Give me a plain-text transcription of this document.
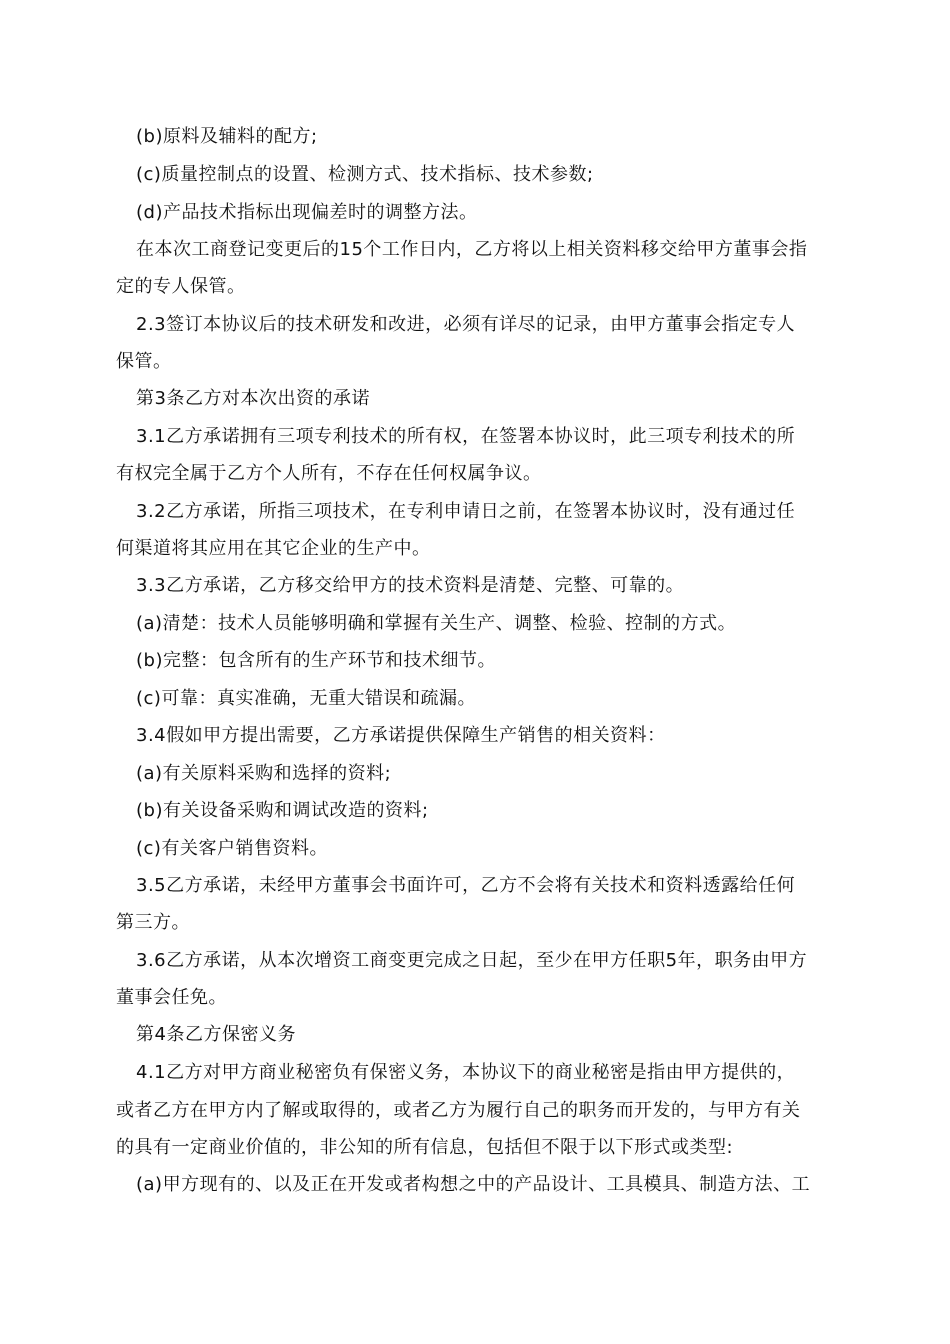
(b)原料及辅料的配方;
(c)质量控制点的设置、检测方式、技术指标、技术参数;
(d)产品技术指标出现偏差时的调整方法。
在本次工商登记变更后的15个工作日内，乙方将以上相关资料移交给甲方董事会指
定的专人保管。
2.3签订本协议后的技术研发和改进，必须有详尽的记录，由甲方董事会指定专人
保管。
第3条乙方对本次出资的承诺
3.1乙方承诺拥有三项专利技术的所有权，在签署本协议时，此三项专利技术的所
有权完全属于乙方个人所有，不存在任何权属争议。
3.2乙方承诺，所指三项技术，在专利申请日之前，在签署本协议时，没有通过任
何渠道将其应用在其它企业的生产中。
3.3乙方承诺，乙方移交给甲方的技术资料是清楚、完整、可靠的。
(a)清楚：技术人员能够明确和掌握有关生产、调整、检验、控制的方式。
(b)完整：包含所有的生产环节和技术细节。
(c)可靠：真实准确，无重大错误和疏漏。
3.4假如甲方提出需要，乙方承诺提供保障生产销售的相关资料：
(a)有关原料采购和选择的资料;
(b)有关设备采购和调试改造的资料;
(c)有关客户销售资料。
3.5乙方承诺，未经甲方董事会书面许可，乙方不会将有关技术和资料透露给任何
第三方。
3.6乙方承诺，从本次增资工商变更完成之日起，至少在甲方任职5年，职务由甲方
董事会任免。
第4条乙方保密义务
4.1乙方对甲方商业秘密负有保密义务，本协议下的商业秘密是指由甲方提供的，
或者乙方在甲方内了解或取得的，或者乙方为履行自己的职务而开发的，与甲方有关
的具有一定商业价值的，非公知的所有信息，包括但不限于以下形式或类型:
(a)甲方现有的、以及正在开发或者构想之中的产品设计、工具模具、制造方法、工
